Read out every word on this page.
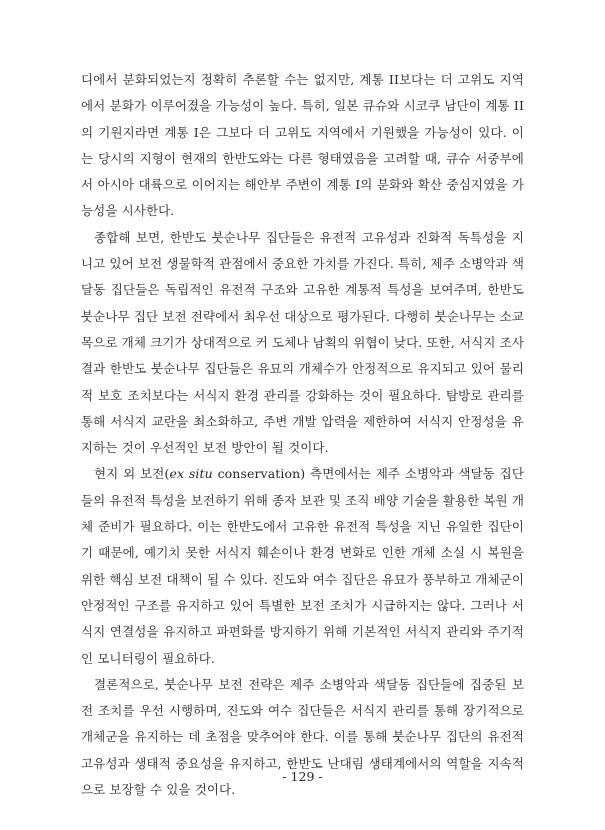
디에서 분화되었는지 정확히 추론할 수는 없지만, 계통 II보다는 더 고위도 지역에서 분화가 이루어졌을 가능성이 높다. 특히, 일본 큐슈와 시코쿠 남단이 계통 II의 기원지라면 계통 I은 그보다 더 고위도 지역에서 기원했을 가능성이 있다. 이는 당시의 지형이 현재의 한반도와는 다른 형태였음을 고려할 때, 큐슈 서중부에서 아시아 대륙으로 이어지는 해안부 주변이 계통 I의 분화와 확산 중심지였을 가능성을 시사한다.

종합해 보면, 한반도 붓순나무 집단들은 유전적 고유성과 진화적 독특성을 지니고 있어 보전 생물학적 관점에서 중요한 가치를 가진다. 특히, 제주 소병악과 색달동 집단들은 독립적인 유전적 구조와 고유한 계통적 특성을 보여주며, 한반도 붓순나무 집단 보전 전략에서 최우선 대상으로 평가된다. 다행히 붓순나무는 소교목으로 개체 크기가 상대적으로 커 도체나 남획의 위협이 낮다. 또한, 서식지 조사 결과 한반도 붓순나무 집단들은 유묘의 개체수가 안정적으로 유지되고 있어 물리적 보호 조치보다는 서식지 환경 관리를 강화하는 것이 필요하다. 탐방로 관리를 통해 서식지 교란을 최소화하고, 주변 개발 압력을 제한하여 서식지 안정성을 유지하는 것이 우선적인 보전 방안이 될 것이다.

현지 외 보전(ex situ conservation) 측면에서는 제주 소병악과 색달동 집단들의 유전적 특성을 보전하기 위해 종자 보관 및 조직 배양 기술을 활용한 복원 개체 준비가 필요하다. 이는 한반도에서 고유한 유전적 특성을 지닌 유일한 집단이기 때문에, 예기치 못한 서식지 훼손이나 환경 변화로 인한 개체 소실 시 복원을 위한 핵심 보전 대책이 될 수 있다. 진도와 여수 집단은 유묘가 풍부하고 개체군이 안정적인 구조를 유지하고 있어 특별한 보전 조치가 시급하지는 않다. 그러나 서식지 연결성을 유지하고 파편화를 방지하기 위해 기본적인 서식지 관리와 주기적인 모니터링이 필요하다.

결론적으로, 붓순나무 보전 전략은 제주 소병악과 색달동 집단들에 집중된 보전 조치를 우선 시행하며, 진도와 여수 집단들은 서식지 관리를 통해 장기적으로 개체군을 유지하는 데 초점을 맞추어야 한다. 이를 통해 붓순나무 집단의 유전적 고유성과 생태적 중요성을 유지하고, 한반도 난대림 생태계에서의 역할을 지속적으로 보장할 수 있을 것이다.

- 129 -
